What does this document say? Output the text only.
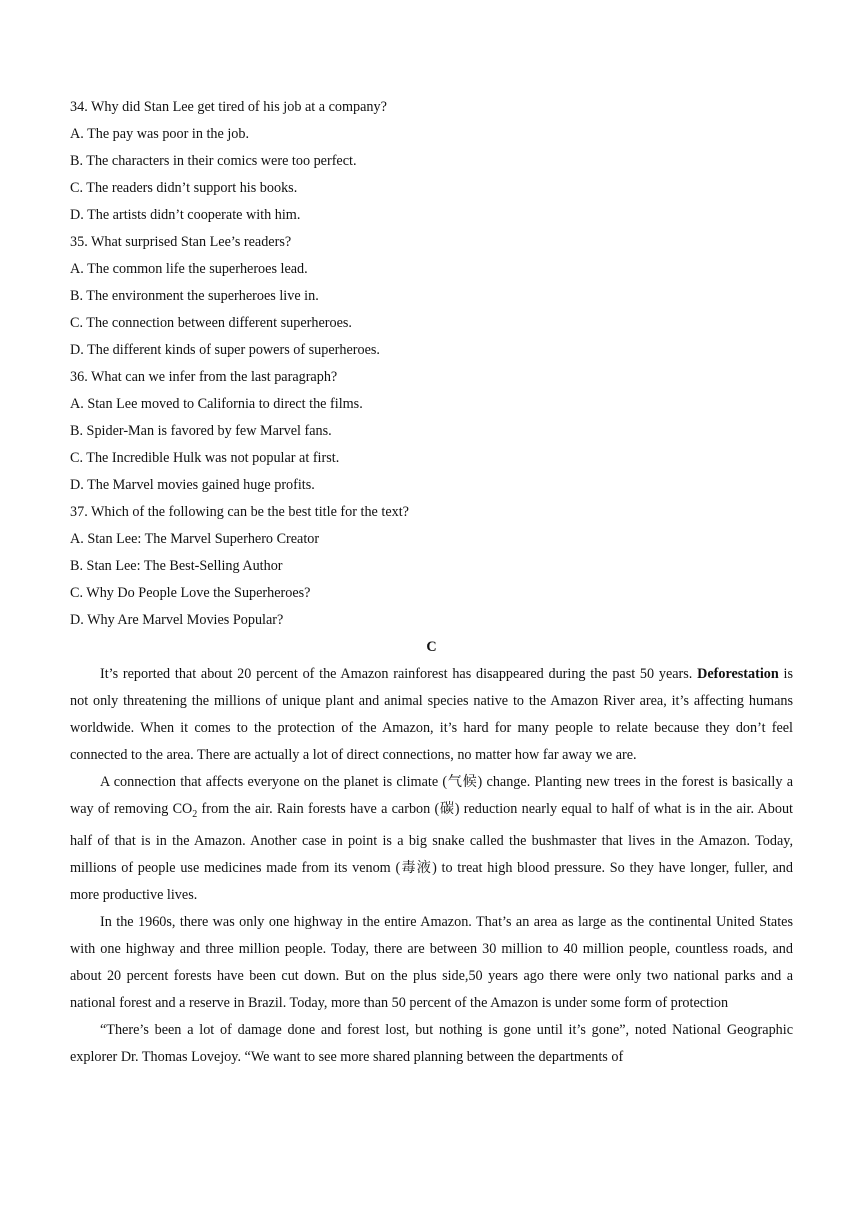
34. Why did Stan Lee get tired of his job at a company?
A. The pay was poor in the job.
B. The characters in their comics were too perfect.
C. The readers didn’t support his books.
D. The artists didn’t cooperate with him.
35. What surprised Stan Lee’s readers?
A. The common life the superheroes lead.
B. The environment the superheroes live in.
C. The connection between different superheroes.
D. The different kinds of super powers of superheroes.
36. What can we infer from the last paragraph?
A. Stan Lee moved to California to direct the films.
B. Spider-Man is favored by few Marvel fans.
C. The Incredible Hulk was not popular at first.
D. The Marvel movies gained huge profits.
37. Which of the following can be the best title for the text?
A. Stan Lee: The Marvel Superhero Creator
B. Stan Lee: The Best-Selling Author
C. Why Do People Love the Superheroes?
D. Why Are Marvel Movies Popular?
C

It’s reported that about 20 percent of the Amazon rainforest has disappeared during the past 50 years. Deforestation is not only threatening the millions of unique plant and animal species native to the Amazon River area, it’s affecting humans worldwide. When it comes to the protection of the Amazon, it’s hard for many people to relate because they don’t feel connected to the area. There are actually a lot of direct connections, no matter how far away we are.

A connection that affects everyone on the planet is climate (气候) change. Planting new trees in the forest is basically a way of removing $CO_2$ from the air. Rain forests have a carbon (碳) reduction nearly equal to half of what is in the air. About half of that is in the Amazon. Another case in point is a big snake called the bushmaster that lives in the Amazon. Today, millions of people use medicines made from its venom (毒液) to treat high blood pressure. So they have longer, fuller, and more productive lives.

In the 1960s, there was only one highway in the entire Amazon. That’s an area as large as the continental United States with one highway and three million people. Today, there are between 30 million to 40 million people, countless roads, and about 20 percent forests have been cut down. But on the plus side,50 years ago there were only two national parks and a national forest and a reserve in Brazil. Today, more than 50 percent of the Amazon is under some form of protection

“There’s been a lot of damage done and forest lost, but nothing is gone until it’s gone”, noted National Geographic explorer Dr. Thomas Lovejoy. “We want to see more shared planning between the departments of
